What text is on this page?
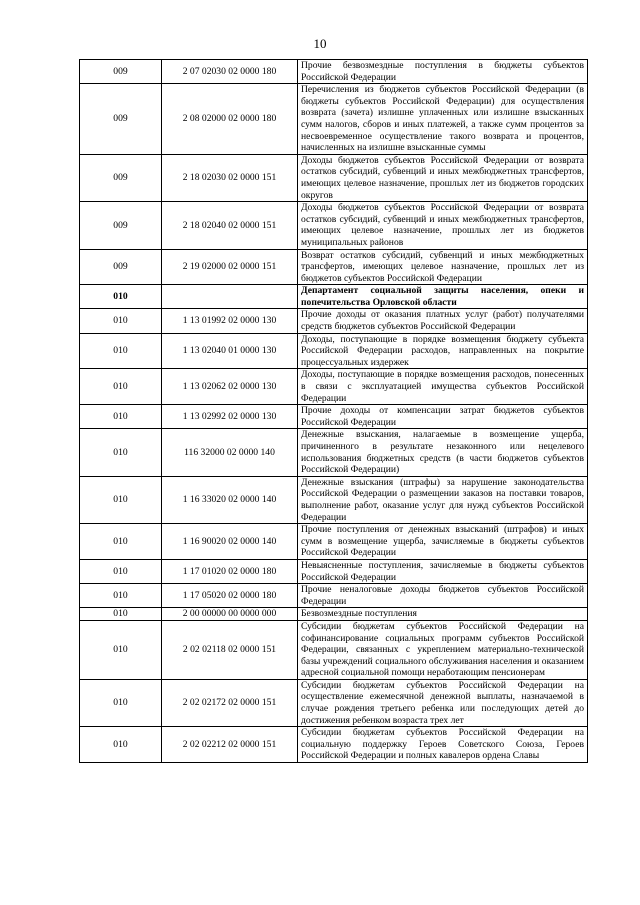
10
009	2 07 02030 02 0000 180	Прочие безвозмездные поступления в бюджеты субъектов Российской Федерации
009	2 08 02000 02 0000 180	Перечисления из бюджетов субъектов Российской Федерации (в бюджеты субъектов Российской Федерации) для осуществления возврата (зачета) излишне уплаченных или излишне взысканных сумм налогов, сборов и иных платежей, а также сумм процентов за несвоевременное осуществление такого возврата и процентов, начисленных на излишне взысканные суммы
009	2 18 02030 02 0000 151	Доходы бюджетов субъектов Российской Федерации от возврата остатков субсидий, субвенций и иных межбюджетных трансфертов, имеющих целевое назначение, прошлых лет из бюджетов городских округов
009	2 18 02040 02 0000 151	Доходы бюджетов субъектов Российской Федерации от возврата остатков субсидий, субвенций и иных межбюджетных трансфертов, имеющих целевое назначение, прошлых лет из бюджетов муниципальных районов
009	2 19 02000 02 0000 151	Возврат остатков субсидий, субвенций и иных межбюджетных трансфертов, имеющих целевое назначение, прошлых лет из бюджетов субъектов Российской Федерации
010		Департамент социальной защиты населения, опеки и попечительства Орловской области
010	1 13 01992 02 0000 130	Прочие доходы от оказания платных услуг (работ) получателями средств бюджетов субъектов Российской Федерации
010	1 13 02040 01 0000 130	Доходы, поступающие в порядке возмещения бюджету субъекта Российской Федерации расходов, направленных на покрытие процессуальных издержек
010	1 13 02062 02 0000 130	Доходы, поступающие в порядке возмещения расходов, понесенных в связи с эксплуатацией имущества субъектов Российской Федерации
010	1 13 02992 02 0000 130	Прочие доходы от компенсации затрат бюджетов субъектов Российской Федерации
010	116 32000 02 0000 140	Денежные взыскания, налагаемые в возмещение ущерба, причиненного в результате незаконного или нецелевого использования бюджетных средств (в части бюджетов субъектов Российской Федерации)
010	1 16 33020 02 0000 140	Денежные взыскания (штрафы) за нарушение законодательства Российской Федерации о размещении заказов на поставки товаров, выполнение работ, оказание услуг для нужд субъектов Российской Федерации
010	1 16 90020 02 0000 140	Прочие поступления от денежных взысканий (штрафов) и иных сумм в возмещение ущерба, зачисляемые в бюджеты субъектов Российской Федерации
010	1 17 01020 02 0000 180	Невыясненные поступления, зачисляемые в бюджеты субъектов Российской Федерации
010	1 17 05020 02 0000 180	Прочие неналоговые доходы бюджетов субъектов Российской Федерации
010	2 00 00000 00 0000 000	Безвозмездные поступления
010	2 02 02118 02 0000 151	Субсидии бюджетам субъектов Российской Федерации на софинансирование социальных программ субъектов Российской Федерации, связанных с укреплением материально-технической базы учреждений социального обслуживания населения и оказанием адресной социальной помощи неработающим пенсионерам
010	2 02 02172 02 0000 151	Субсидии бюджетам субъектов Российской Федерации на осуществление ежемесячной денежной выплаты, назначаемой в случае рождения третьего ребенка или последующих детей до достижения ребенком возраста трех лет
010	2 02 02212 02 0000 151	Субсидии бюджетам субъектов Российской Федерации на социальную поддержку Героев Советского Союза, Героев Российской Федерации и полных кавалеров ордена Славы
